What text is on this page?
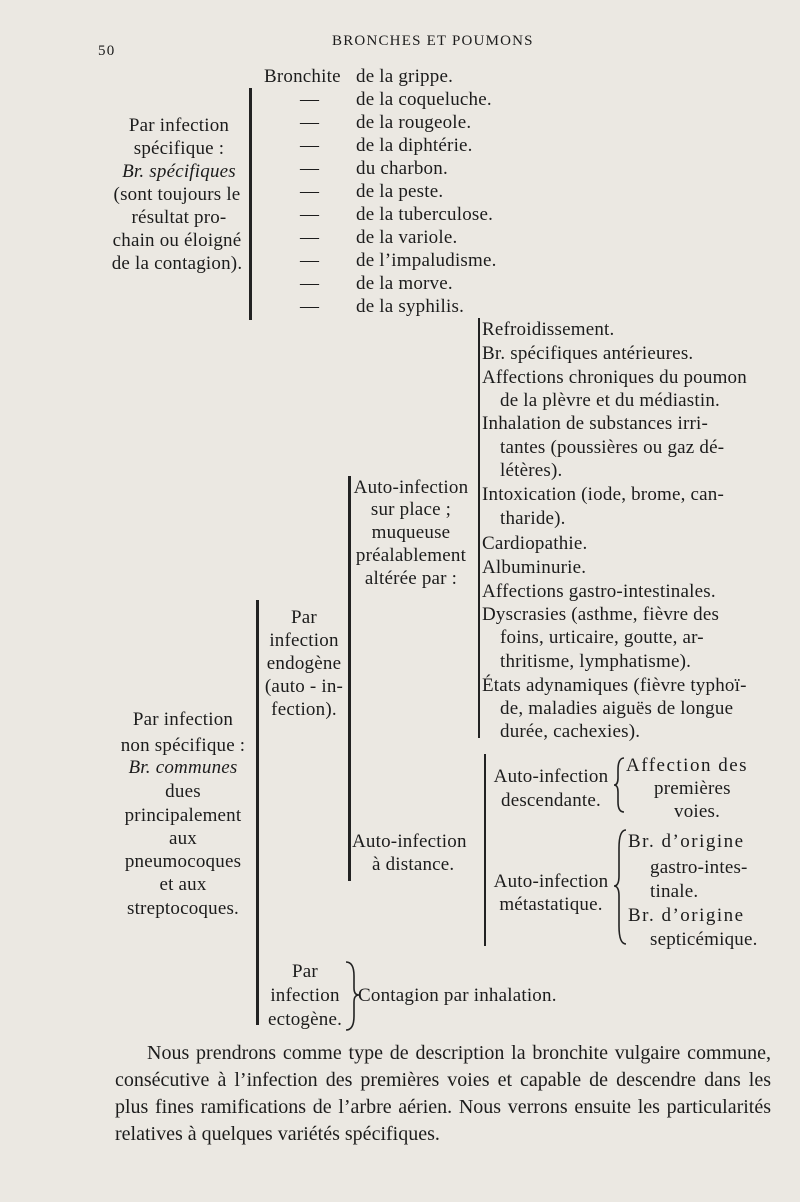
50
BRONCHES ET POUMONS
Par infection
spécifique :
Br. spécifiques
(sont toujours le
résultat pro-
chain ou éloigné
de la contagion).
Bronchite
—
—
—
—
—
—
—
—
—
—
de la grippe.
de la coqueluche.
de la rougeole.
de la diphtérie.
du charbon.
de la peste.
de la tuberculose.
de la variole.
de l’impaludisme.
de la morve.
de la syphilis.
Par infection
non spécifique :
Br. communes
dues
principalement
aux
pneumocoques
et aux
streptocoques.
Par
infection
endogène
(auto - in-
fection).
Auto-infection
sur place ;
muqueuse
préalablement
altérée par :
Refroidissement.
Br. spécifiques antérieures.
Affections chroniques du poumon
de la plèvre et du médiastin.
Inhalation de substances irri-
tantes (poussières ou gaz dé-
létères).
Intoxication (iode, brome, can-
tharide).
Cardiopathie.
Albuminurie.
Affections gastro-intestinales.
Dyscrasies (asthme, fièvre des
foins, urticaire, goutte, ar-
thritisme, lymphatisme).
États adynamiques (fièvre typhoï-
de, maladies aiguës de longue
durée, cachexies).
Auto-infection
à distance.
Auto-infection
descendante.
Affection des
premières
voies.
Auto-infection
métastatique.
Br. d’origine
gastro-intes-
tinale.
Br. d’origine
septicémique.
Par
infection
ectogène.
Contagion par inhalation.
Nous prendrons comme type de description la bronchite vulgaire commune, consécutive à l’infection des premières voies et capable de descendre dans les plus fines ramifications de l’arbre aérien. Nous verrons ensuite les particularités relatives à quelques variétés spécifiques.
